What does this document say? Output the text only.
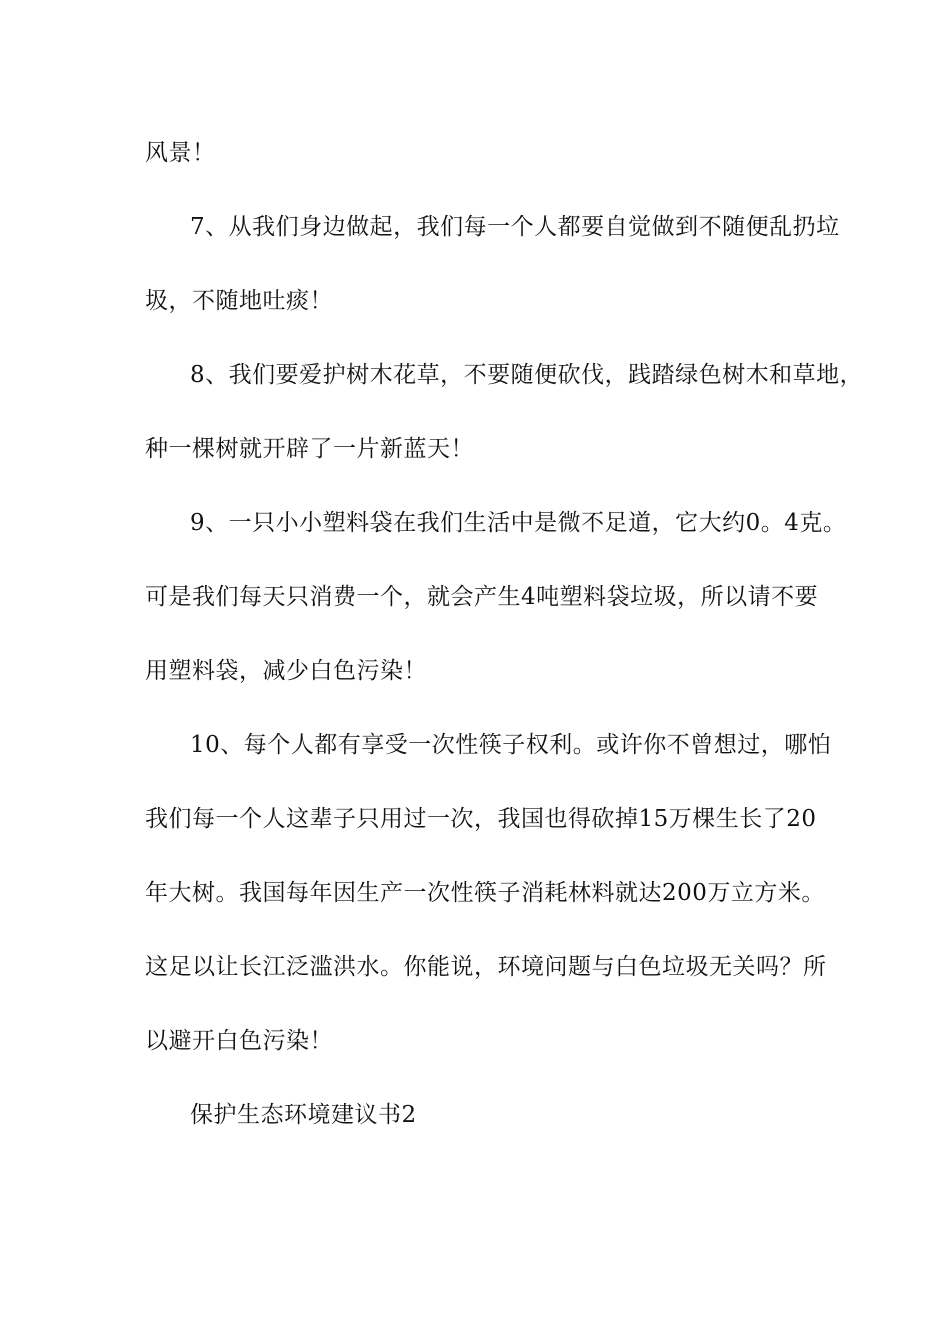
风景！
7、从我们身边做起，我们每一个人都要自觉做到不随便乱扔垃
圾，不随地吐痰！
8、我们要爱护树木花草，不要随便砍伐，践踏绿色树木和草地，
种一棵树就开辟了一片新蓝天！
9、一只小小塑料袋在我们生活中是微不足道，它大约0。4克。
可是我们每天只消费一个，就会产生4吨塑料袋垃圾，所以请不要
用塑料袋，减少白色污染！
10、每个人都有享受一次性筷子权利。或许你不曾想过，哪怕
我们每一个人这辈子只用过一次，我国也得砍掉15万棵生长了20
年大树。我国每年因生产一次性筷子消耗林料就达200万立方米。
这足以让长江泛滥洪水。你能说，环境问题与白色垃圾无关吗？所
以避开白色污染！
保护生态环境建议书2
